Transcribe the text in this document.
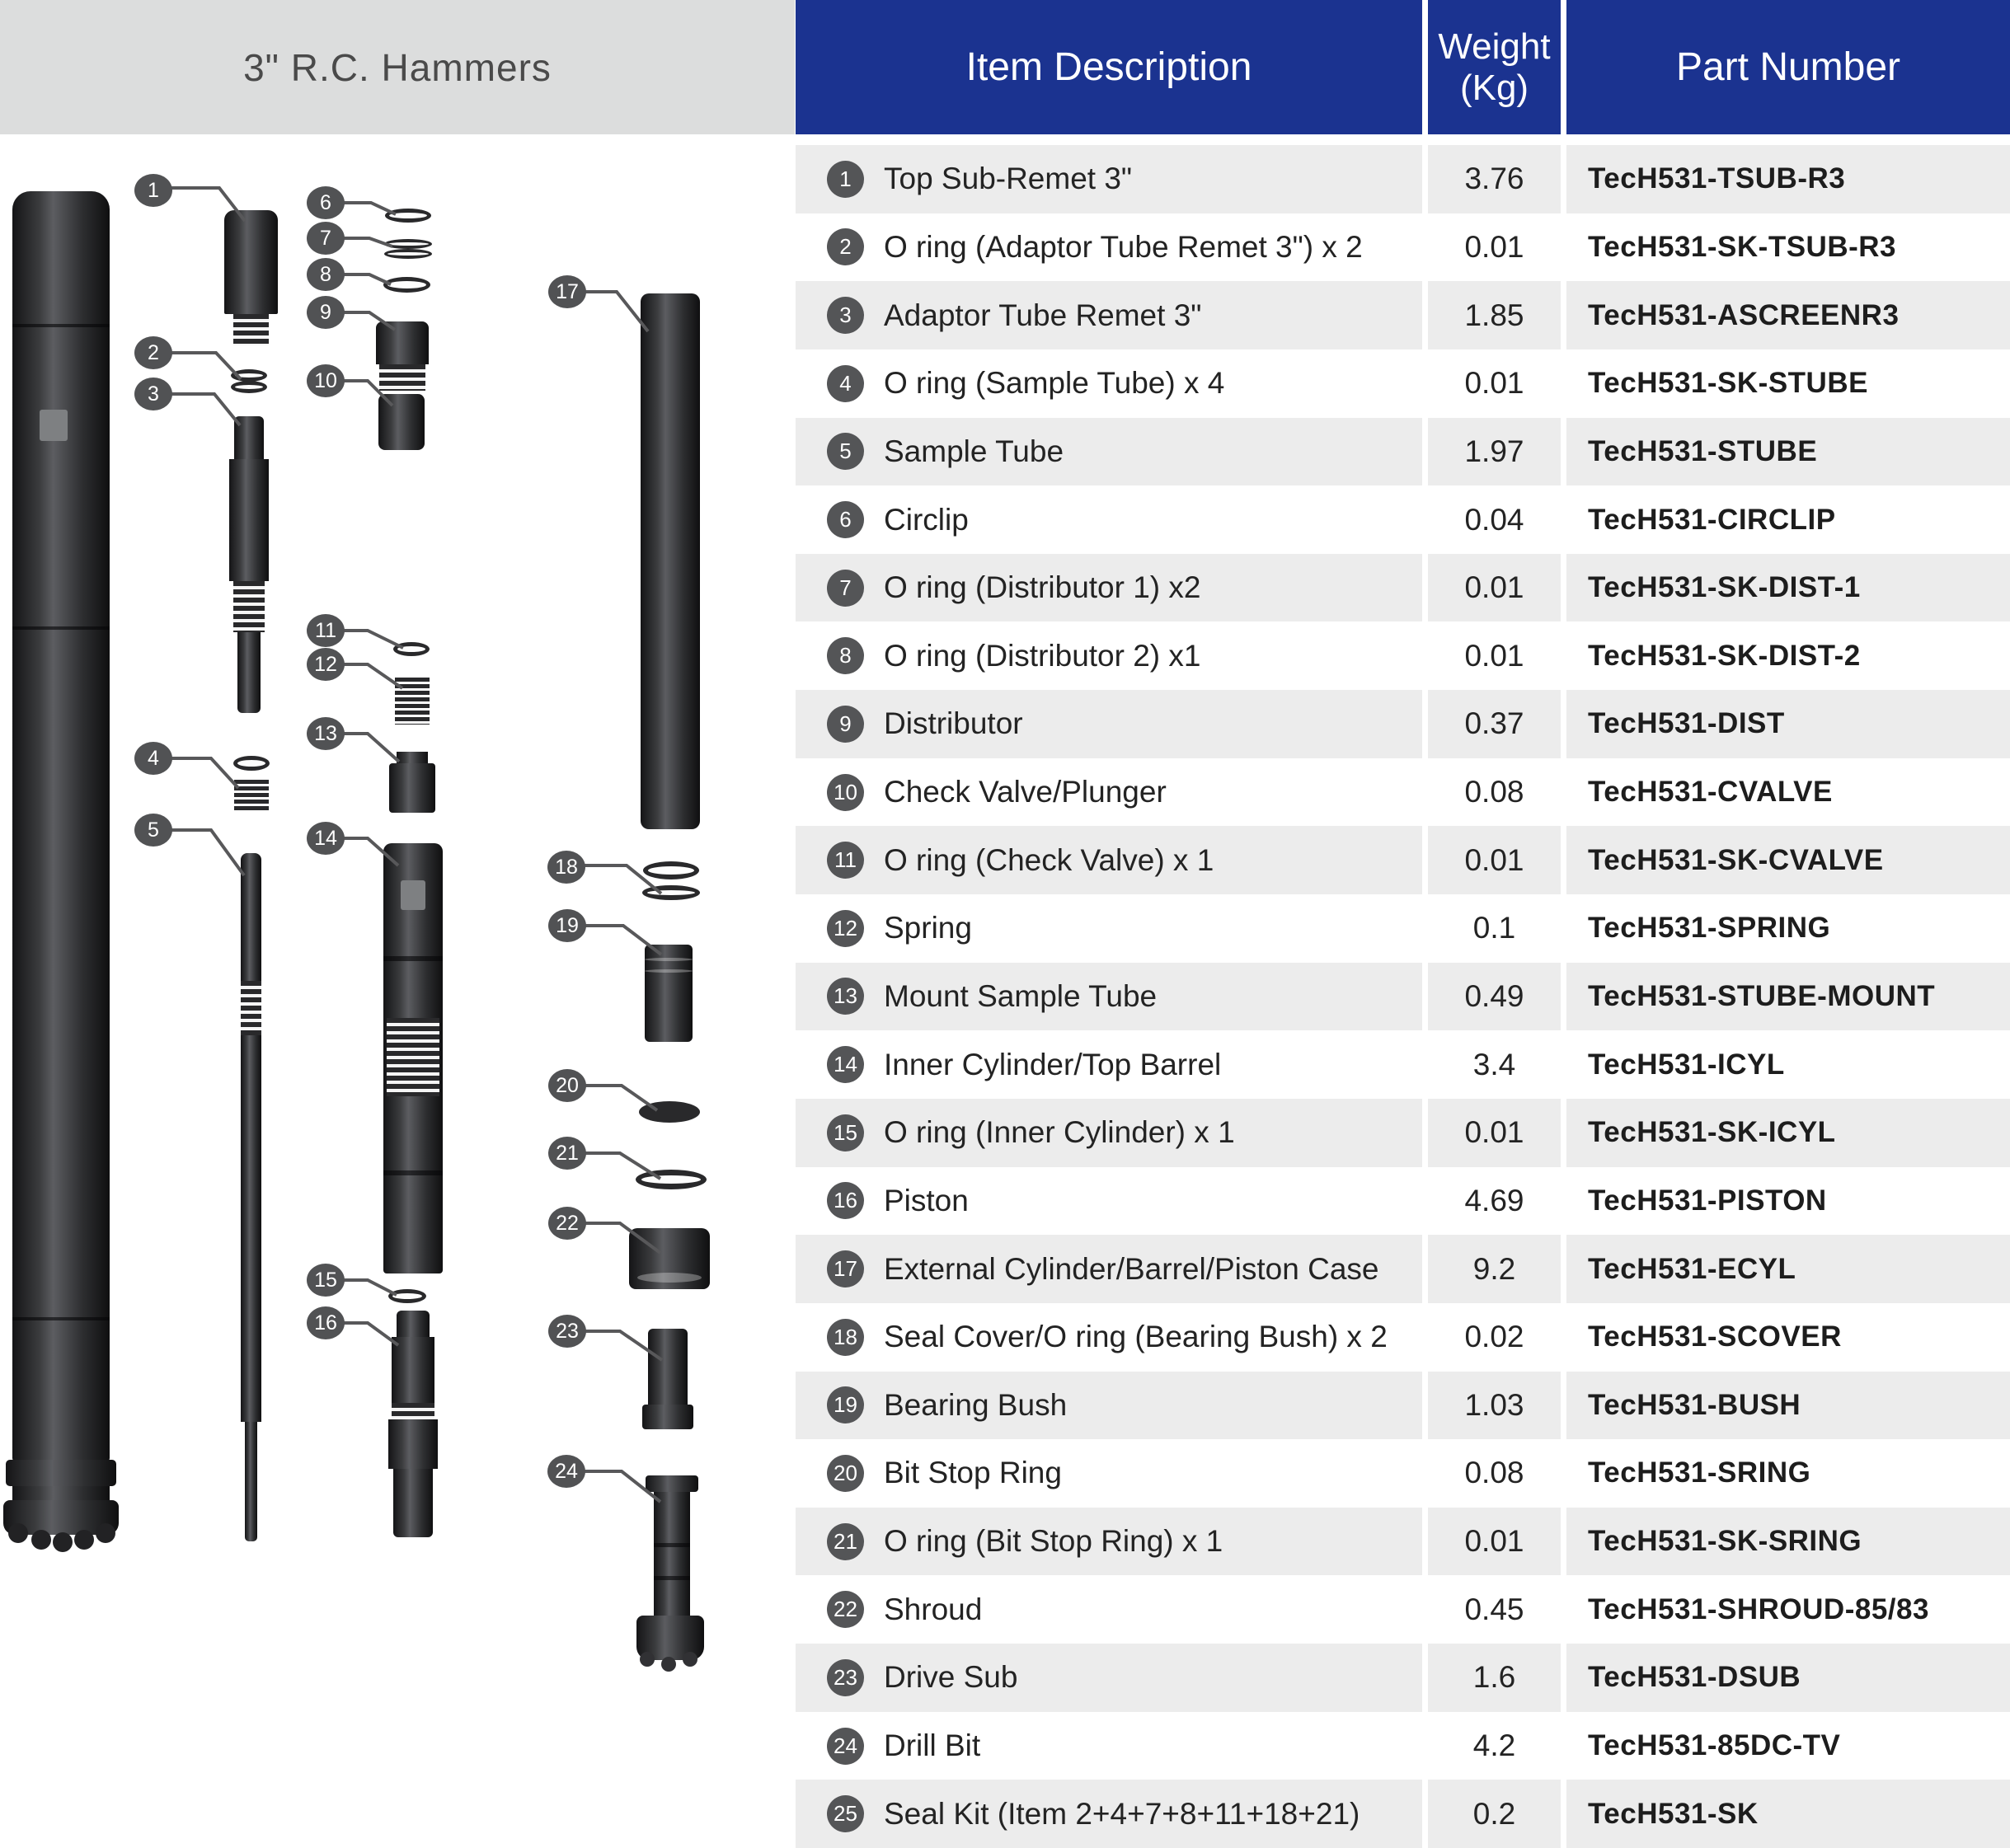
3" R.C. Hammers	Item Description	Weight
(Kg)	Part Number
1
2
3
4
5
6
7
8
9
10
11
12
13
14
15
16
17
18
19
20
21
22
23
24
1	Top Sub-Remet 3"	3.76 TecH531-TSUB-R3
2	O ring (Adaptor Tube Remet 3") x 2	0.01 TecH531-SK-TSUB-R3
3	Adaptor Tube Remet 3"	1.85 TecH531-ASCREENR3
4	O ring (Sample Tube) x 4	0.01 TecH531-SK-STUBE
5	Sample Tube	1.97 TecH531-STUBE
6	Circlip	0.04 TecH531-CIRCLIP
7	O ring (Distributor 1) x2	0.01 TecH531-SK-DIST-1
8	O ring (Distributor 2) x1	0.01 TecH531-SK-DIST-2
9	Distributor	0.37 TecH531-DIST
10 Check Valve/Plunger	0.08 TecH531-CVALVE
11 O ring (Check Valve) x 1	0.01 TecH531-SK-CVALVE
12 Spring	0.1	TecH531-SPRING
13 Mount Sample Tube	0.49 TecH531-STUBE-MOUNT
14 Inner Cylinder/Top Barrel	3.4	TecH531-ICYL
15 O ring (Inner Cylinder) x 1	0.01 TecH531-SK-ICYL
16 Piston	4.69 TecH531-PISTON
17 External Cylinder/Barrel/Piston Case	9.2	TecH531-ECYL
18 Seal Cover/O ring (Bearing Bush) x 2	0.02 TecH531-SCOVER
19 Bearing Bush	1.03 TecH531-BUSH
20 Bit Stop Ring	0.08 TecH531-SRING
21 O ring (Bit Stop Ring) x 1	0.01 TecH531-SK-SRING
22 Shroud	0.45 TecH531-SHROUD-85/83
23 Drive Sub	1.6	TecH531-DSUB
24 Drill Bit	4.2	TecH531-85DC-TV
25 Seal Kit (Item 2+4+7+8+11+18+21)	0.2	TecH531-SK
